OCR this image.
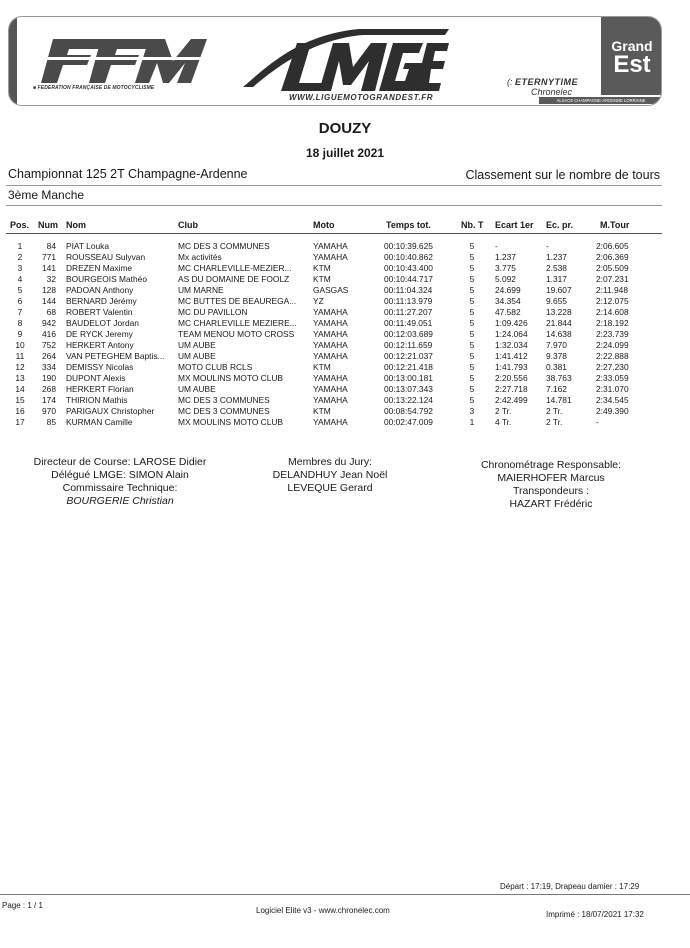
■ FEDERATION FRANÇAISE DE MOTOCYCLISME
WWW.LIGUEMOTOGRANDEST.FR
(: ETERNYTIME
Chronelec
Grand
Est
ALSACE CHAMPAGNE-ARDENNE LORRAINE
DOUZY
18 juillet 2021
Championnat 125 2T Champagne-Ardenne	Classement sur le nombre de tours
3ème Manche
Pos. Num Nom	Club	Moto	Temps tot.	Nb. T Ecart 1er Ec. pr.	M.Tour
1	84 PIAT Louka	MC DES 3 COMMUNES	YAMAHA	00:10:39.625	5	-	-	2:06.605
2	771 ROUSSEAU Sulyvan	Mx activités	YAMAHA	00:10:40.862	5	1.237	1.237	2:06.369
3	141 DREZEN Maxime	MC CHARLEVILLE-MEZIER...	KTM	00:10:43.400	5	3.775	2.538	2:05.509
4	32 BOURGEOIS Mathéo	AS DU DOMAINE DE FOOLZ	KTM	00:10:44.717	5	5.092	1.317	2:07.231
5	128 PADOAN Anthony	UM MARNE	GASGAS	00:11:04.324	5	24.699	19.607	2:11.948
6	144 BERNARD Jérémy	MC BUTTES DE BEAUREGA... YZ	00:11:13.979	5	34.354	9.655	2:12.075
7	68 ROBERT Valentin	MC DU PAVILLON	YAMAHA	00:11:27.207	5	47.582	13.228	2:14.608
8	942 BAUDELOT Jordan	MC CHARLEVILLE MEZIERE... YAMAHA	00:11:49.051	5	1:09.426 21.844	2:18.192
9	416 DE RYCK Jeremy	TEAM MENOU MOTO CROSS YAMAHA	00:12:03.689	5	1:24.064 14.638	2:23.739
10	752 HERKERT Antony	UM AUBE	YAMAHA	00:12:11.659	5	1:32.034 7.970	2:24.099
11	264 VAN PETEGHEM Baptis... UM AUBE	YAMAHA	00:12:21.037	5	1:41.412 9.378	2:22.888
12	334 DEMISSY Nicolas	MOTO CLUB RCLS	KTM	00:12:21.418	5	1:41.793 0.381	2:27.230
13	190 DUPONT Alexis	MX MOULINS MOTO CLUB	YAMAHA	00:13:00.181	5	2:20.556 38.763	2:33.059
14	268 HERKERT Florian	UM AUBE	YAMAHA	00:13:07.343	5	2:27.718 7.162	2:31.070
15	174 THIRION Mathis	MC DES 3 COMMUNES	YAMAHA	00:13:22.124	5	2:42.499 14.781	2:34.545
16	970 PARIGAUX Christopher	MC DES 3 COMMUNES	KTM	00:08:54.792	3	2 Tr.	2 Tr.	2:49.390
17	85 KURMAN Camille	MX MOULINS MOTO CLUB	YAMAHA	00:02:47.009	1	4 Tr.	2 Tr.	-
Directeur de Course: LAROSE Didier
Délégué LMGE: SIMON Alain
Commissaire Technique:
BOURGERIE Christian
Membres du Jury:
DELANDHUY Jean Noël
LEVEQUE Gerard
Chronométrage Responsable:
MAIERHOFER Marcus
Transpondeurs :
HAZART Frédéric
Départ : 17:19, Drapeau damier : 17:29
Page : 1 / 1
Logiciel Elite v3 - www.chronelec.com	Imprimé : 18/07/2021 17:32
